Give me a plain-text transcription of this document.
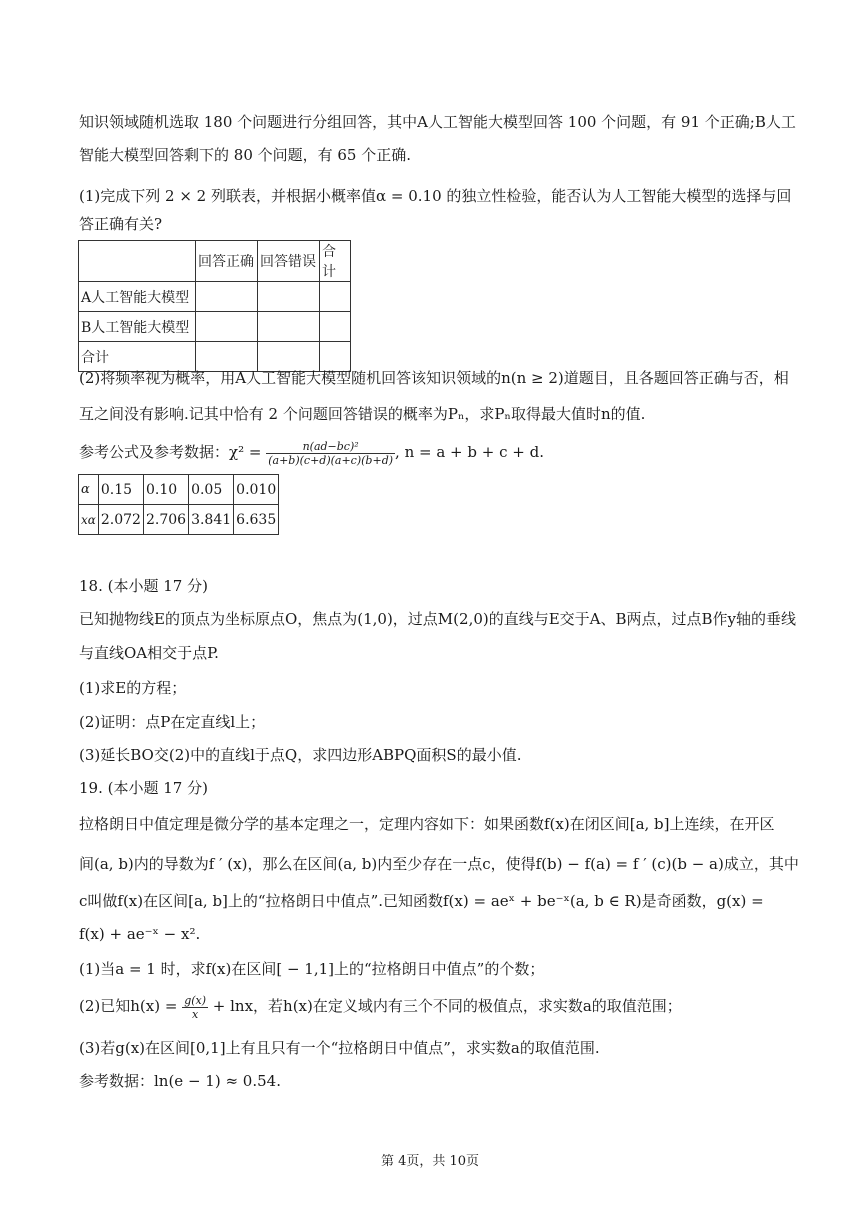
知识领域随机选取 180 个问题进行分组回答，其中A人工智能大模型回答 100 个问题，有 91 个正确;B人工
智能大模型回答剩下的 80 个问题，有 65 个正确.
(1)完成下列 2 × 2 列联表，并根据小概率值α = 0.10 的独立性检验，能否认为人工智能大模型的选择与回
答正确有关?
	回答正确	回答错误	合计
A人工智能大模型			
B人工智能大模型			
合计			
(2)将频率视为概率，用A人工智能大模型随机回答该知识领域的n(n ≥ 2)道题目，且各题回答正确与否，相
互之间没有影响.记其中恰有 2 个问题回答错误的概率为Pₙ，求Pₙ取得最大值时n的值.
参考公式及参考数据：$\chi^2 = \frac{\text{n(ad−bc)²}}{(a+b)(c+d)(a+c)(b+d)}$ , n = a + b + c + d.
α	0.15	0.10	0.05	0.010
xα	2.072	2.706	3.841	6.635
18. (本小题 17 分)
已知抛物线E的顶点为坐标原点O，焦点为(1,0)，过点M(2,0)的直线与E交于A、B两点，过点B作y轴的垂线
与直线OA相交于点P.
(1)求E的方程；
(2)证明：点P在定直线l上；
(3)延长BO交(2)中的直线l于点Q，求四边形ABPQ面积S的最小值.
19. (本小题 17 分)
拉格朗日中值定理是微分学的基本定理之一，定理内容如下：如果函数f(x)在闭区间[a, b]上连续，在开区
间(a, b)内的导数为f ′ (x)，那么在区间(a, b)内至少存在一点c，使得f(b) − f(a) = f ′ (c)(b − a)成立，其中
c叫做f(x)在区间[a, b]上的“拉格朗日中值点”.已知函数f(x) = aeˣ + be⁻ˣ(a, b ∈ R)是奇函数，g(x) =
f(x) + ae⁻ˣ − x².
(1)当a = 1 时，求f(x)在区间[ − 1,1]上的“拉格朗日中值点”的个数；
(2)已知$h(x) = \frac{g(x)}{x} + \ln x$，若h(x)在定义域内有三个不同的极值点，求实数a的取值范围；
(3)若g(x)在区间[0,1]上有且只有一个“拉格朗日中值点”，求实数a的取值范围.
参考数据：ln(e − 1) ≈ 0.54.
第 4页，共 10页
